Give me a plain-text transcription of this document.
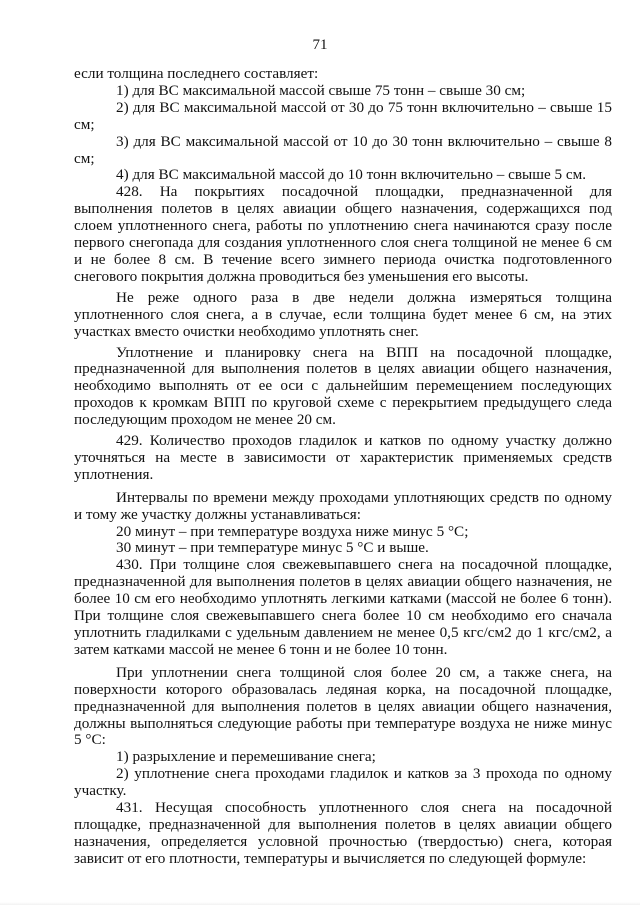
71

если толщина последнего составляет:

1) для ВС максимальной массой свыше 75 тонн – свыше 30 см;

2) для ВС максимальной массой от 30 до 75 тонн включительно – свыше 15 см;

3) для ВС максимальной массой от 10 до 30 тонн включительно – свыше 8 см;

4) для ВС максимальной массой до 10 тонн включительно – свыше 5 см.

428. На покрытиях посадочной площадки, предназначенной для выполнения полетов в целях авиации общего назначения, содержащихся под слоем уплотненного снега, работы по уплотнению снега начинаются сразу после первого снегопада для создания уплотненного слоя снега толщиной не менее 6 см и не более 8 см. В течение всего зимнего периода очистка подготовленного снегового покрытия должна проводиться без уменьшения его высоты.

Не реже одного раза в две недели должна измеряться толщина уплотненного слоя снега, а в случае, если толщина будет менее 6 см, на этих участках вместо очистки необходимо уплотнять снег.

Уплотнение и планировку снега на ВПП на посадочной площадке, предназначенной для выполнения полетов в целях авиации общего назначения, необходимо выполнять от ее оси с дальнейшим перемещением последующих проходов к кромкам ВПП по круговой схеме с перекрытием предыдущего следа последующим проходом не менее 20 см.

429. Количество проходов гладилок и катков по одному участку должно уточняться на месте в зависимости от характеристик применяемых средств уплотнения.

Интервалы по времени между проходами уплотняющих средств по одному и тому же участку должны устанавливаться:

20 минут – при температуре воздуха ниже минус 5 °С;

30 минут – при температуре минус 5 °С и выше.

430. При толщине слоя свежевыпавшего снега на посадочной площадке, предназначенной для выполнения полетов в целях авиации общего назначения, не более 10 см его необходимо уплотнять легкими катками (массой не более 6 тонн). При толщине слоя свежевыпавшего снега более 10 см необходимо его сначала уплотнить гладилками с удельным давлением не менее 0,5 кгс/см2 до 1 кгс/см2, а затем катками массой не менее 6 тонн и не более 10 тонн.

При уплотнении снега толщиной слоя более 20 см, а также снега, на поверхности которого образовалась ледяная корка, на посадочной площадке, предназначенной для выполнения полетов в целях авиации общего назначения, должны выполняться следующие работы при температуре воздуха не ниже минус 5 °С:

1) разрыхление и перемешивание снега;

2) уплотнение снега проходами гладилок и катков за 3 прохода по одному участку.

431. Несущая способность уплотненного слоя снега на посадочной площадке, предназначенной для выполнения полетов в целях авиации общего назначения, определяется условной прочностью (твердостью) снега, которая зависит от его плотности, температуры и вычисляется по следующей формуле:
